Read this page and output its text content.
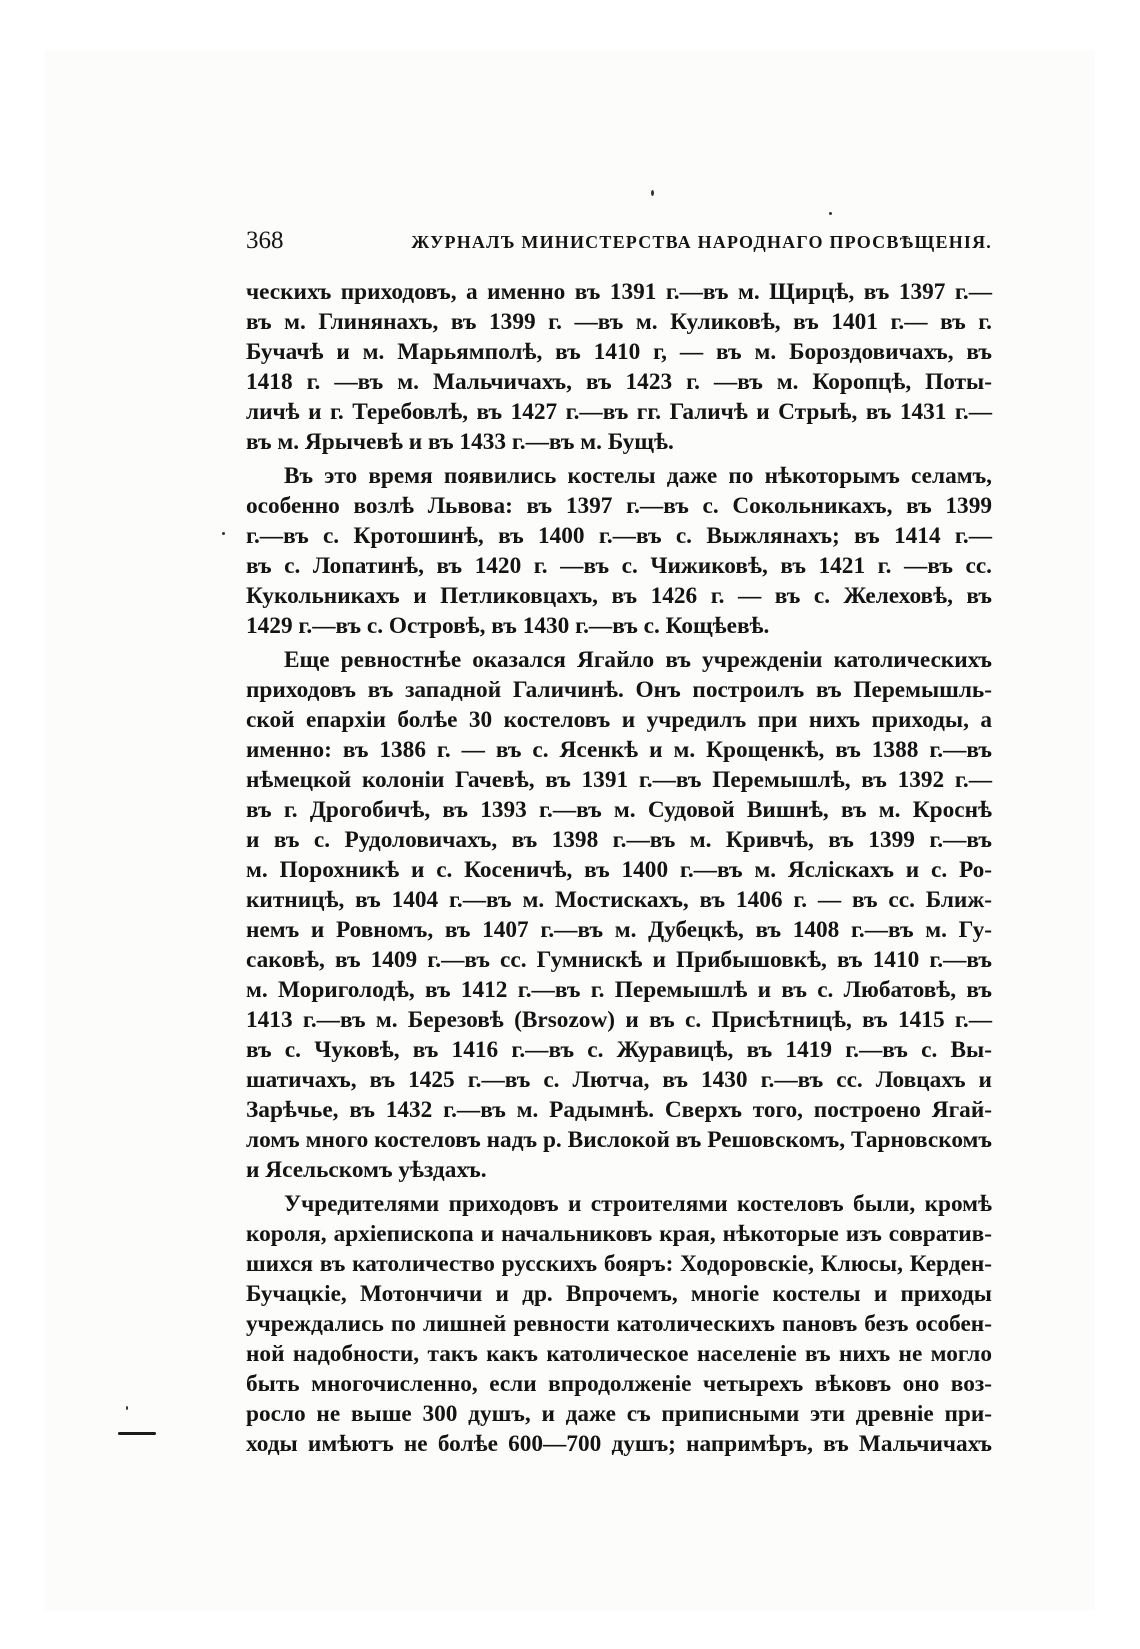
368	ЖУРНАЛЪ МИНИСТЕРСТВА НАРОДНАГО ПРОСВѢЩЕНІЯ.
ческихъ приходовъ, а именно въ 1391 г.—въ м. Щирцѣ, въ 1397 г.—
въ м. Глинянахъ, въ 1399 г. —въ м. Куликовѣ, въ 1401 г.— въ г.
Бучачѣ и м. Марьямполѣ, въ 1410 г, — въ м. Бороздовичахъ, въ
1418 г. —въ м. Мальчичахъ, въ 1423 г. —въ м. Коропцѣ, Поты-
личѣ и г. Теребовлѣ, въ 1427 г.—въ гг. Галичѣ и Стрыѣ, въ 1431 г.—
въ м. Ярычевѣ и въ 1433 г.—въ м. Бущѣ.
Въ это время появились костелы даже по нѣкоторымъ селамъ,
особенно возлѣ Львова: въ 1397 г.—въ с. Сокольникахъ, въ 1399
г.—въ с. Кротошинѣ, въ 1400 г.—въ с. Выжлянахъ; въ 1414 г.—
въ с. Лопатинѣ, въ 1420 г. —въ с. Чижиковѣ, въ 1421 г. —въ сс.
Кукольникахъ и Петликовцахъ, въ 1426 г. — въ с. Желеховѣ, въ
1429 г.—въ с. Островѣ, въ 1430 г.—въ с. Кощѣевѣ.
Еще ревностнѣе оказался Ягайло въ учрежденіи католическихъ
приходовъ въ западной Галичинѣ. Онъ построилъ въ Перемышль-
ской епархіи болѣе 30 костеловъ и учредилъ при нихъ приходы, а
именно: въ 1386 г. — въ с. Ясенкѣ и м. Крощенкѣ, въ 1388 г.—въ
нѣмецкой колоніи Гачевѣ, въ 1391 г.—въ Перемышлѣ, въ 1392 г.—
въ г. Дрогобичѣ, въ 1393 г.—въ м. Судовой Вишнѣ, въ м. Кроснѣ
и въ с. Рудоловичахъ, въ 1398 г.—въ м. Кривчѣ, въ 1399 г.—въ
м. Порохникѣ и с. Косеничѣ, въ 1400 г.—въ м. Ясліскахъ и с. Ро-
китницѣ, въ 1404 г.—въ м. Мостискахъ, въ 1406 г. — въ сс. Ближ-
немъ и Ровномъ, въ 1407 г.—въ м. Дубецкѣ, въ 1408 г.—въ м. Гу-
саковѣ, въ 1409 г.—въ сс. Гумнискѣ и Прибышовкѣ, въ 1410 г.—въ
м. Мориголодѣ, въ 1412 г.—въ г. Перемышлѣ и въ с. Любатовѣ, въ
1413 г.—въ м. Березовѣ (Brsozow) и въ с. Присѣтницѣ, въ 1415 г.—
въ с. Чуковѣ, въ 1416 г.—въ с. Журавицѣ, въ 1419 г.—въ с. Вы-
шатичахъ, въ 1425 г.—въ с. Лютча, въ 1430 г.—въ сс. Ловцахъ и
Зарѣчье, въ 1432 г.—въ м. Радымнѣ. Сверхъ того, построено Ягай-
ломъ много костеловъ надъ р. Вислокой въ Решовскомъ, Тарновскомъ
и Ясельскомъ уѣздахъ.
Учредителями приходовъ и строителями костеловъ были, кромѣ
короля, архіепископа и начальниковъ края, нѣкоторые изъ совратив-
шихся въ католичество русскихъ бояръ: Ходоровскіе, Клюсы, Керден-
Бучацкіе, Мотончичи и др. Впрочемъ, многіе костелы и приходы
учреждались по лишней ревности католическихъ пановъ безъ особен-
ной надобности, такъ какъ католическое населеніе въ нихъ не могло
быть многочисленно, если впродолженіе четырехъ вѣковъ оно воз-
росло не выше 300 душъ, и даже съ приписными эти древніе при-
ходы имѣютъ не болѣе 600—700 душъ; напримѣръ, въ Мальчичахъ
